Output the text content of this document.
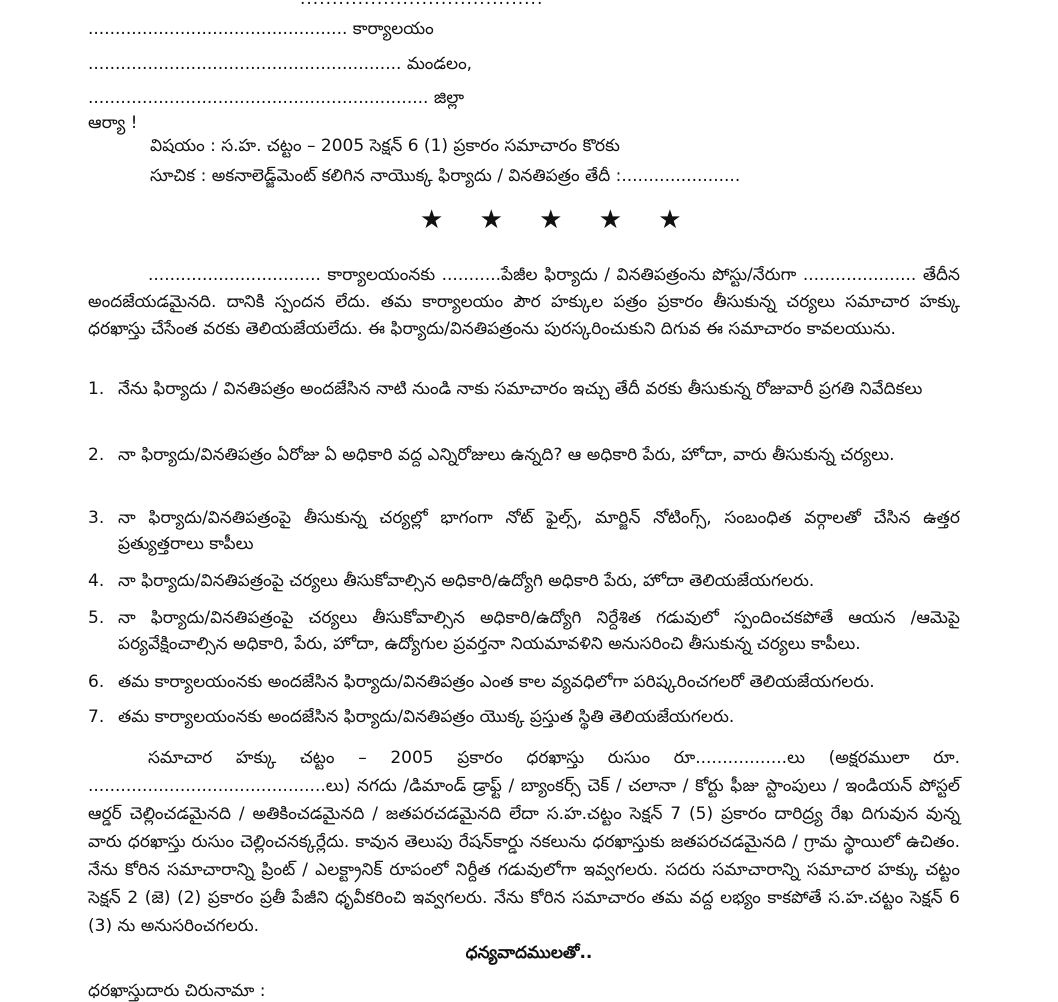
................................................ కార్యాలయం
.......................................................... మండలం,
............................................................... జిల్లా
ఆర్యా !
విషయం : స.హ. చట్టం – 2005 సెక్షన్ 6 (1) ప్రకారం సమాచారం కొరకు
సూచిక : అకనాలెడ్జ్‌మెంట్ కలిగిన నాయొక్క ఫిర్యాదు / వినతిపత్రం తేదీ :......................
★ ★ ★ ★ ★
................................ కార్యాలయంనకు ...........పేజీల ఫిర్యాదు / వినతిపత్రంను పోస్టు/నేరుగా ..................... తేదీన అందజేయడమైనది. దానికి స్పందన లేదు. తమ కార్యాలయం పౌర హక్కుల పత్రం ప్రకారం తీసుకున్న చర్యలు సమాచార హక్కు ధరఖాస్తు చేసేంత వరకు తెలియజేయలేదు. ఈ ఫిర్యాదు/వినతిపత్రంను పురస్కరించుకుని దిగువ ఈ సమాచారం కావలయును.
1. నేను ఫిర్యాదు / వినతిపత్రం అందజేసిన నాటి నుండి నాకు సమాచారం ఇచ్చు తేదీ వరకు తీసుకున్న రోజువారీ ప్రగతి నివేదికలు
2. నా ఫిర్యాదు/వినతిపత్రం ఏరోజు ఏ అధికారి వద్ద ఎన్నిరోజులు ఉన్నది? ఆ అధికారి పేరు, హోదా, వారు తీసుకున్న చర్యలు.
3. నా ఫిర్యాదు/వినతిపత్రంపై తీసుకున్న చర్యల్లో భాగంగా నోట్ ఫైల్స్, మార్జిన్ నోటింగ్స్, సంబంధిత వర్గాలతో చేసిన ఉత్తర ప్రత్యుత్తరాలు కాపీలు
4. నా ఫిర్యాదు/వినతిపత్రంపై చర్యలు తీసుకోవాల్సిన అధికారి/ఉద్యోగి అధికారి పేరు, హోదా తెలియజేయగలరు.
5. నా ఫిర్యాదు/వినతిపత్రంపై చర్యలు తీసుకోవాల్సిన అధికారి/ఉద్యోగి నిర్దేశిత గడువులో స్పందించకపోతే ఆయన /ఆమెపై పర్యవేక్షించాల్సిన అధికారి, పేరు, హోదా, ఉద్యోగుల ప్రవర్తనా నియమావళిని అనుసరించి తీసుకున్న చర్యలు కాపీలు.
6. తమ కార్యాలయంనకు అందజేసిన ఫిర్యాదు/వినతిపత్రం ఎంత కాల వ్యవధిలోగా పరిష్కరించగలరో తెలియజేయగలరు.
7. తమ కార్యాలయంనకు అందజేసిన ఫిర్యాదు/వినతిపత్రం యొక్క ప్రస్తుత స్థితి తెలియజేయగలరు.
సమాచార హక్కు చట్టం – 2005 ప్రకారం ధరఖాస్తు రుసుం రూ.................లు (అక్షరములా రూ. ............................................లు) నగదు /డిమాండ్ డ్రాఫ్ట్ / బ్యాంకర్స్ చెక్ / చలానా / కోర్టు ఫీజు స్టాంపులు / ఇండియన్ పోస్టల్ ఆర్డర్ చెల్లించడమైనది / అతికించడమైనది / జతపరచడమైనది లేదా స.హ.చట్టం సెక్షన్ 7 (5) ప్రకారం దారిద్ర్య రేఖ దిగువున వున్న వారు ధరఖాస్తు రుసుం చెల్లించనక్కర్లేదు. కావున తెలుపు రేషన్‌కార్డు నకలును ధరఖాస్తుకు జతపరచడమైనది / గ్రామ స్థాయిలో ఉచితం. నేను కోరిన సమాచారాన్ని ప్రింట్ / ఎలక్ట్రానిక్ రూపంలో నిర్దీత గడువులోగా ఇవ్వగలరు. సదరు సమాచారాన్ని సమాచార హక్కు చట్టం సెక్షన్ 2 (జె) (2) ప్రకారం ప్రతీ పేజీని ధృవీకరించి ఇవ్వగలరు. నేను కోరిన సమాచారం తమ వద్ద లభ్యం కాకపోతే స.హ.చట్టం సెక్షన్ 6 (3) ను అనుసరించగలరు.
ధన్యవాదములతో..
ధరఖాస్తుదారు చిరునామా :
